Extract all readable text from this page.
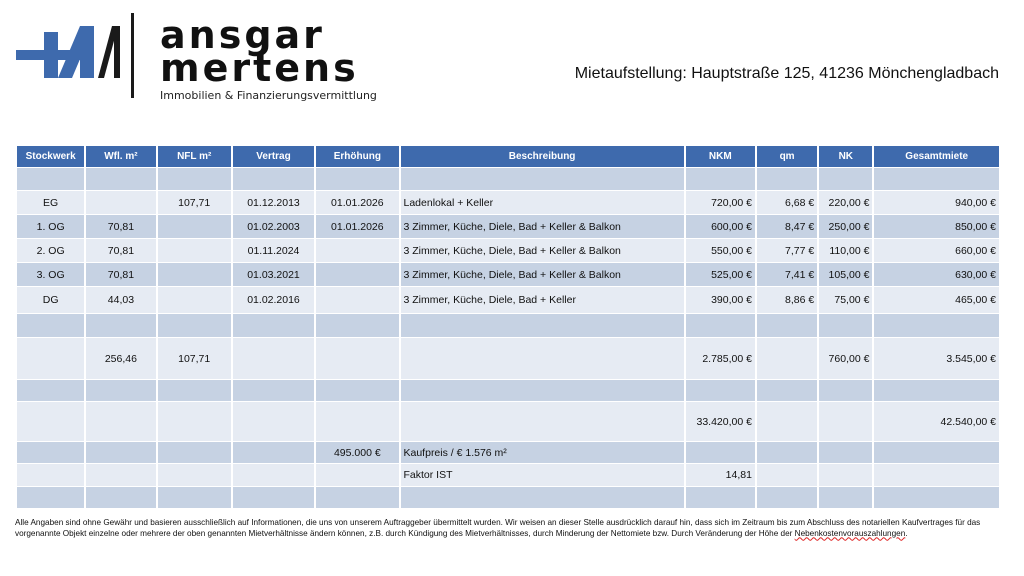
ansgar
mertens
Immobilien & Finanzierungsvermittlung
Mietaufstellung: Hauptstraße 125, 41236 Mönchengladbach
Stockwerk	Wfl. m²	NFL m²	Vertrag	Erhöhung	Beschreibung	NKM	qm	NK	Gesamtmiete

EG		107,71	01.12.2013	01.01.2026	Ladenlokal + Keller	720,00 €	6,68 €	220,00 €	940,00 €
1. OG	70,81		01.02.2003	01.01.2026	3 Zimmer, Küche, Diele, Bad + Keller & Balkon	600,00 €	8,47 €	250,00 €	850,00 €
2. OG	70,81		01.11.2024		3 Zimmer, Küche, Diele, Bad + Keller & Balkon	550,00 €	7,77 €	110,00 €	660,00 €
3. OG	70,81		01.03.2021		3 Zimmer, Küche, Diele, Bad + Keller & Balkon	525,00 €	7,41 €	105,00 €	630,00 €
DG	44,03		01.02.2016		3 Zimmer, Küche, Diele, Bad + Keller	390,00 €	8,86 €	75,00 €	465,00 €

	256,46	107,71				2.785,00 €		760,00 €	3.545,00 €

						33.420,00 €			42.540,00 €
				495.000 €	Kaufpreis / € 1.576 m²				
					Faktor IST	14,81			

Alle Angaben sind ohne Gewähr und basieren ausschließlich auf Informationen, die uns von unserem Auftraggeber übermittelt wurden. Wir weisen an dieser Stelle ausdrücklich darauf hin, dass sich im Zeitraum bis zum Abschluss des notariellen Kaufvertrages für das vorgenannte Objekt einzelne oder mehrere der oben genannten Mietverhältnisse ändern können, z.B. durch Kündigung des Mietverhältnisses, durch Minderung der Nettomiete bzw. Durch Veränderung der Höhe der Nebenkostenvorauszahlungen.
